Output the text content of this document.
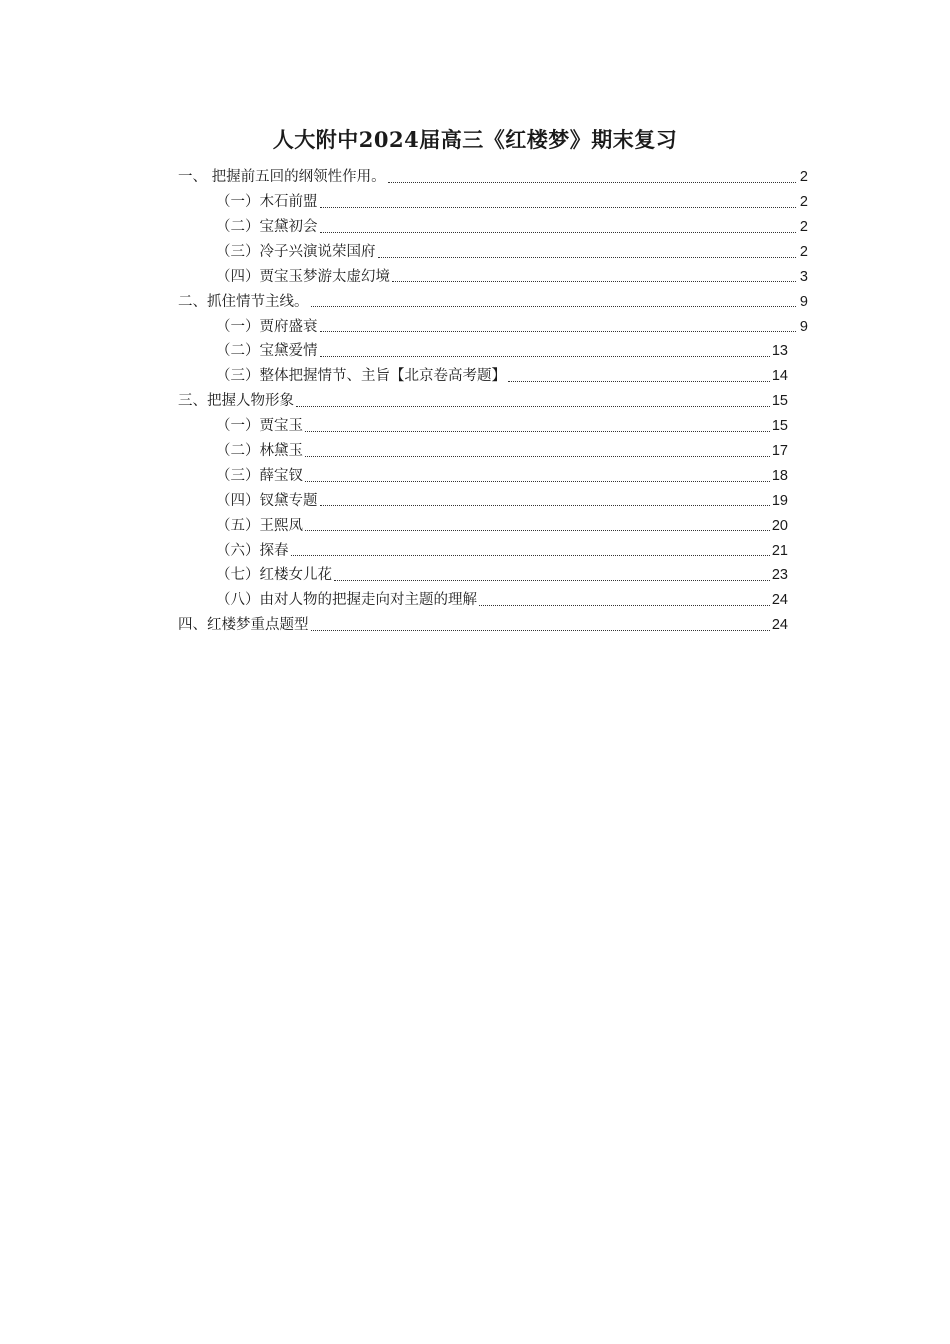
人大附中2024届高三《红楼梦》期末复习
一、 把握前五回的纲领性作用。	2
（一）木石前盟	2
（二）宝黛初会	2
（三）冷子兴演说荣国府	2
（四）贾宝玉梦游太虚幻境	3
二、抓住情节主线。	9
（一）贾府盛衰	9
（二）宝黛爱情	13
（三）整体把握情节、主旨【北京卷高考题】	14
三、把握人物形象	15
（一）贾宝玉	15
（二）林黛玉	17
（三）薛宝钗	18
（四）钗黛专题	19
（五）王熙凤	20
（六）探春	21
（七）红楼女儿花	23
（八）由对人物的把握走向对主题的理解	24
四、红楼梦重点题型	24
